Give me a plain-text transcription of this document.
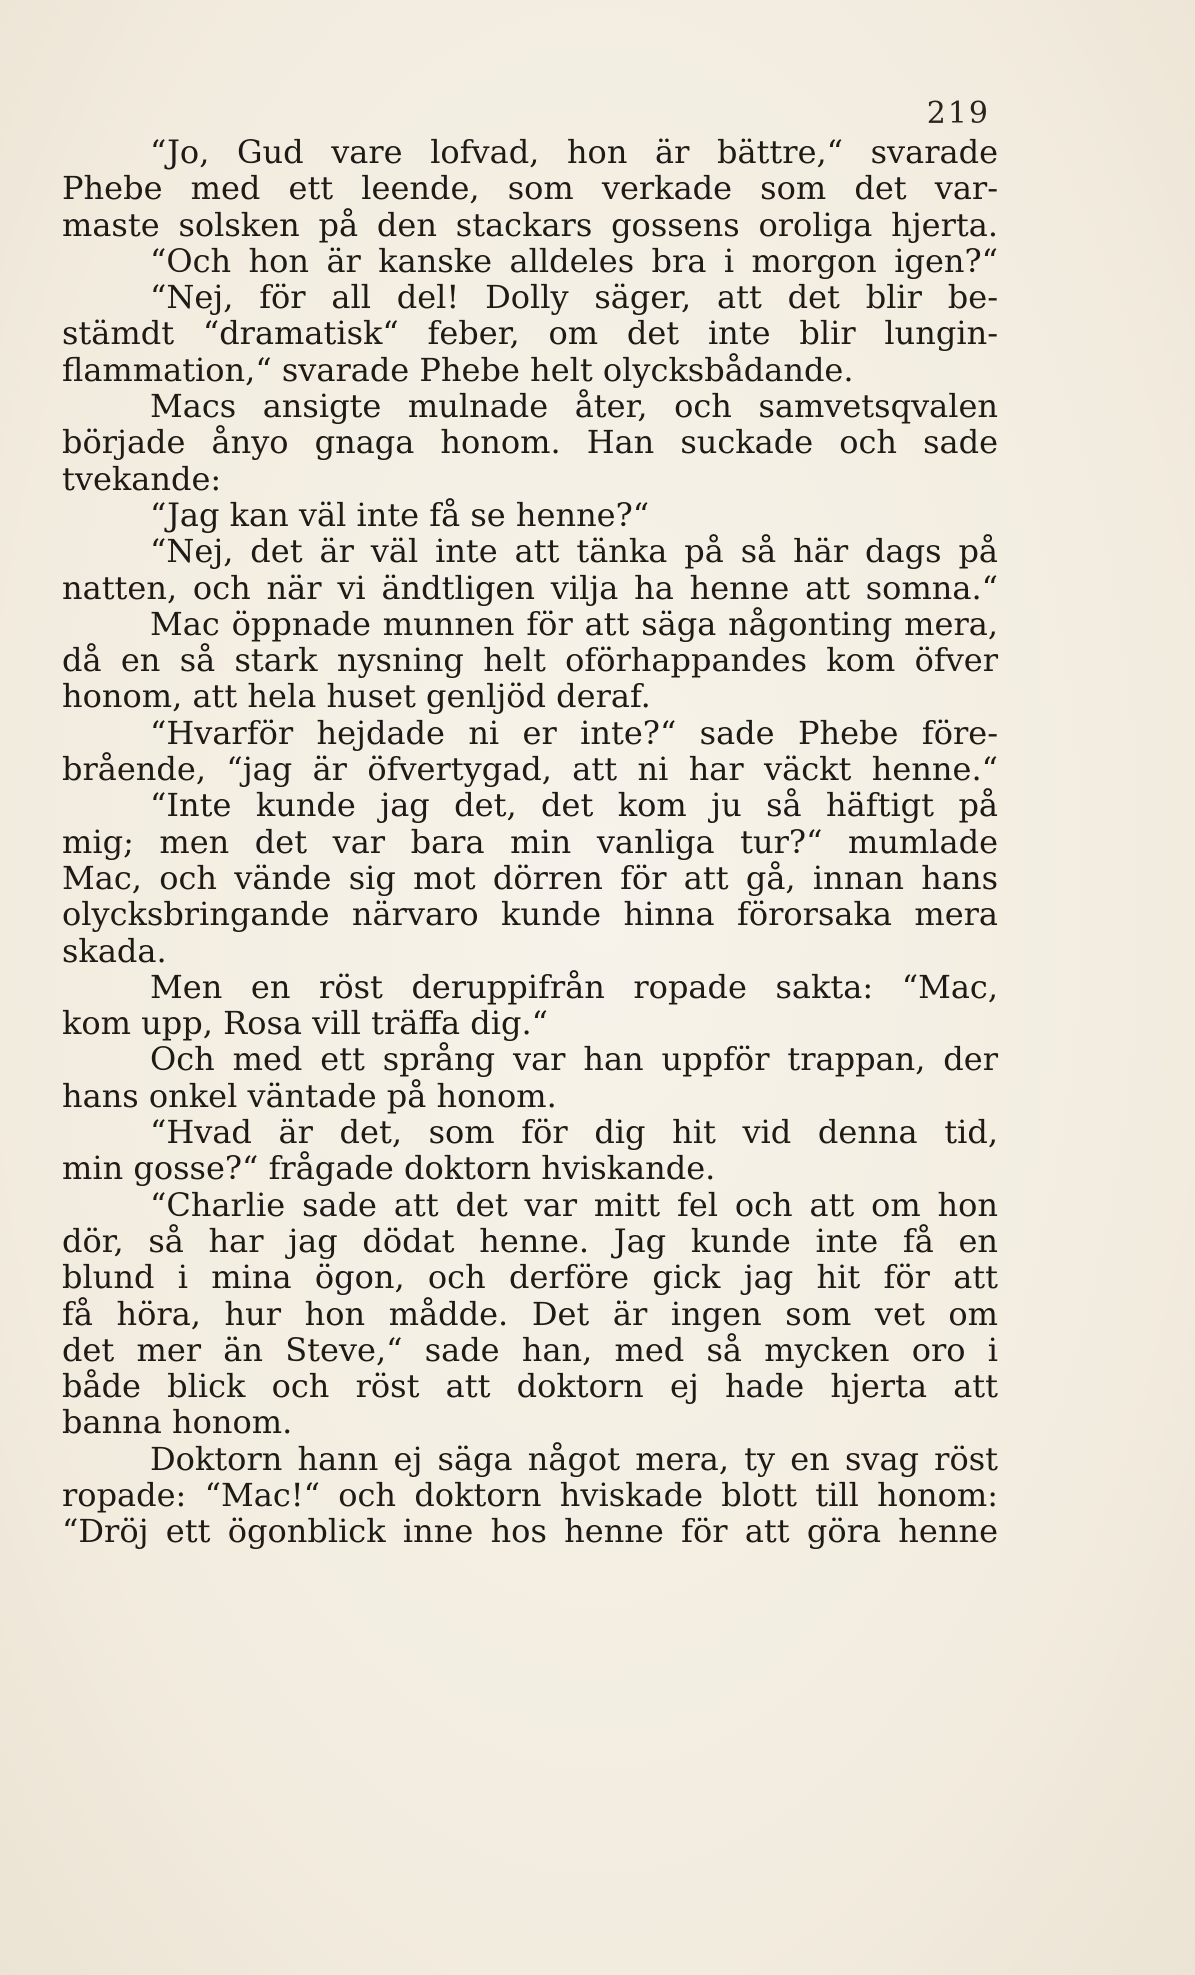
219
“Jo, Gud vare lofvad, hon är bättre,“ svarade
Phebe med ett leende, som verkade som det var-
maste solsken på den stackars gossens oroliga hjerta.
“Och hon är kanske alldeles bra i morgon igen?“
“Nej, för all del! Dolly säger, att det blir be-
stämdt “dramatisk“ feber, om det inte blir lungin-
flammation,“ svarade Phebe helt olycksbådande.
Macs ansigte mulnade åter, och samvetsqvalen
började ånyo gnaga honom. Han suckade och sade
tvekande:
“Jag kan väl inte få se henne?“
“Nej, det är väl inte att tänka på så här dags på
natten, och när vi ändtligen vilja ha henne att somna.“
Mac öppnade munnen för att säga någonting mera,
då en så stark nysning helt oförhappandes kom öfver
honom, att hela huset genljöd deraf.
“Hvarför hejdade ni er inte?“ sade Phebe före-
brående, “jag är öfvertygad, att ni har väckt henne.“
“Inte kunde jag det, det kom ju så häftigt på
mig; men det var bara min vanliga tur?“ mumlade
Mac, och vände sig mot dörren för att gå, innan hans
olycksbringande närvaro kunde hinna förorsaka mera
skada.
Men en röst deruppifrån ropade sakta: “Mac,
kom upp, Rosa vill träffa dig.“
Och med ett språng var han uppför trappan, der
hans onkel väntade på honom.
“Hvad är det, som för dig hit vid denna tid,
min gosse?“ frågade doktorn hviskande.
“Charlie sade att det var mitt fel och att om hon
dör, så har jag dödat henne. Jag kunde inte få en
blund i mina ögon, och derföre gick jag hit för att
få höra, hur hon mådde. Det är ingen som vet om
det mer än Steve,“ sade han, med så mycken oro i
både blick och röst att doktorn ej hade hjerta att
banna honom.
Doktorn hann ej säga något mera, ty en svag röst
ropade: “Mac!“ och doktorn hviskade blott till honom:
“Dröj ett ögonblick inne hos henne för att göra henne
